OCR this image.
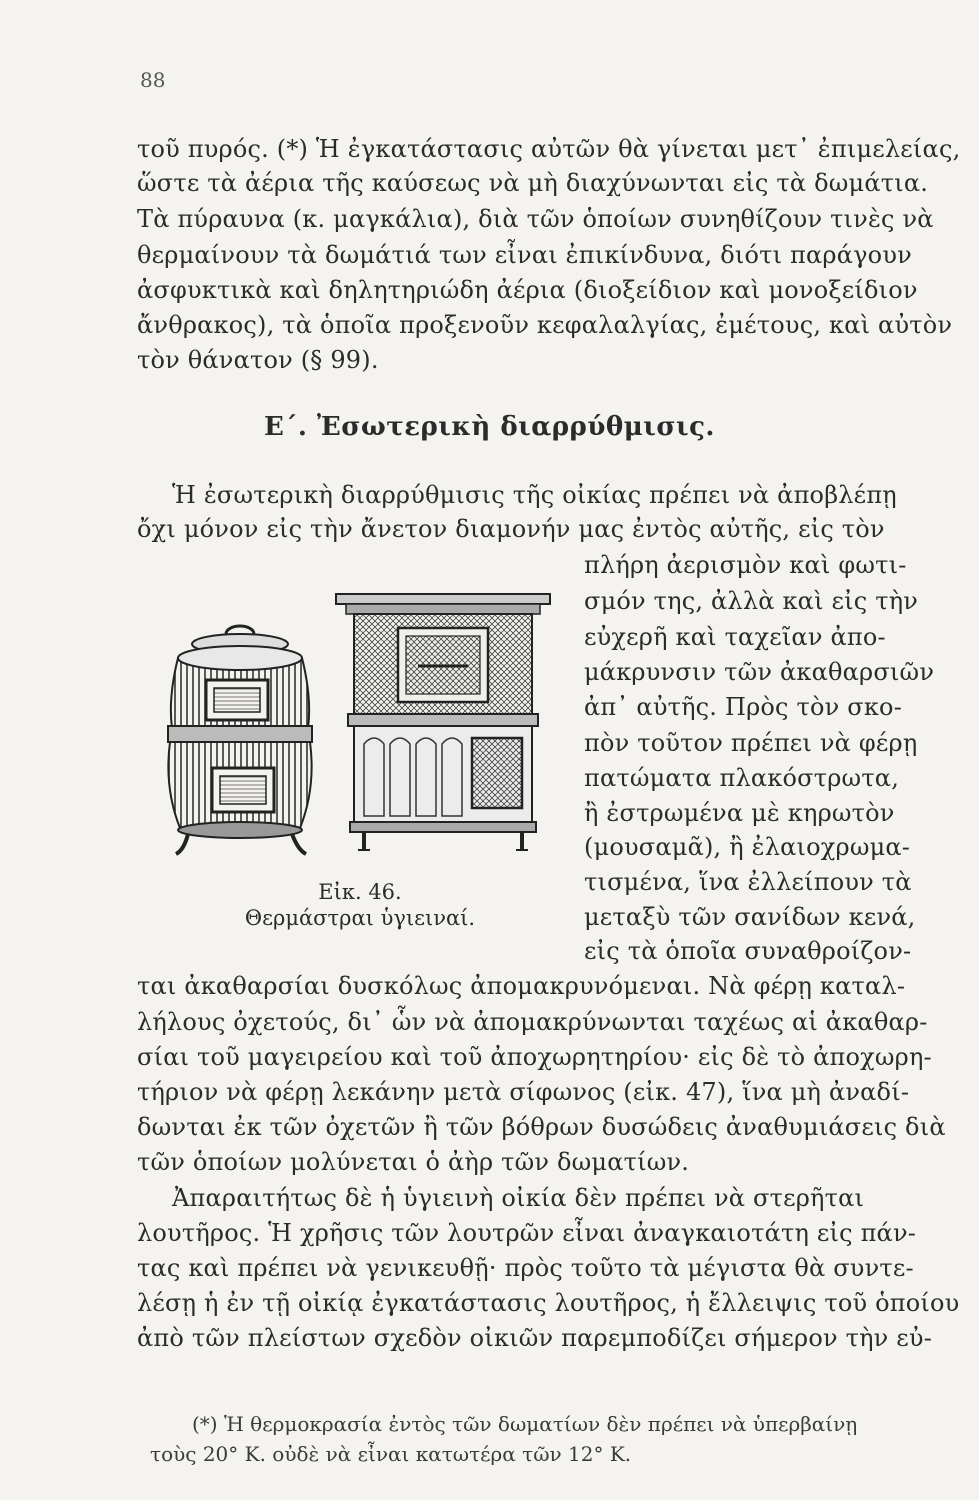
88
τοῦ πυρός. (*) Ἡ ἐγκατάστασις αὐτῶν θὰ γίνεται μετ᾽ ἐπιμελείας,
ὥστε τὰ ἀέρια τῆς καύσεως νὰ μὴ διαχύνωνται εἰς τὰ δωμάτια.
Τὰ πύραυνα (κ. μαγκάλια), διὰ τῶν ὁποίων συνηθίζουν τινὲς νὰ
θερμαίνουν τὰ δωμάτιά των εἶναι ἐπικίνδυνα, διότι παράγουν
ἀσφυκτικὰ καὶ δηλητηριώδη ἀέρια (διοξείδιον καὶ μονοξείδιον
ἄνθρακος), τὰ ὁποῖα προξενοῦν κεφαλαλγίας, ἐμέτους, καὶ αὐτὸν
τὸν θάνατον (§ 99).
Ε΄. Ἐσωτερικὴ διαρρύθμισις.
Ἡ ἐσωτερικὴ διαρρύθμισις τῆς οἰκίας πρέπει νὰ ἀποβλέπῃ
ὄχι μόνον εἰς τὴν ἄνετον διαμονήν μας ἐντὸς αὐτῆς, εἰς τὸν
πλήρη ἀερισμὸν καὶ φωτι-
σμόν της, ἀλλὰ καὶ εἰς τὴν
εὐχερῆ καὶ ταχεῖαν ἀπο-
μάκρυνσιν τῶν ἀκαθαρσιῶν
ἀπ᾽ αὐτῆς. Πρὸς τὸν σκο-
πὸν τοῦτον πρέπει νὰ φέρῃ
πατώματα πλακόστρωτα,
ἢ ἐστρωμένα μὲ κηρωτὸν
(μουσαμᾶ), ἢ ἐλαιοχρωμα-
τισμένα, ἵνα ἐλλείπουν τὰ
μεταξὺ τῶν σανίδων κενά,
εἰς τὰ ὁποῖα συναθροίζον-
Εἰκ. 46.
Θερμάστραι ὑγιειναί.
ται ἀκαθαρσίαι δυσκόλως ἀπομακρυνόμεναι. Νὰ φέρῃ καταλ-
λήλους ὀχετούς, δι᾽ ὧν νὰ ἀπομακρύνωνται ταχέως αἱ ἀκαθαρ-
σίαι τοῦ μαγειρείου καὶ τοῦ ἀποχωρητηρίου· εἰς δὲ τὸ ἀποχωρη-
τήριον νὰ φέρῃ λεκάνην μετὰ σίφωνος (εἰκ. 47), ἵνα μὴ ἀναδί-
δωνται ἐκ τῶν ὀχετῶν ἢ τῶν βόθρων δυσώδεις ἀναθυμιάσεις διὰ
τῶν ὁποίων μολύνεται ὁ ἀὴρ τῶν δωματίων.
Ἀπαραιτήτως δὲ ἡ ὑγιεινὴ οἰκία δὲν πρέπει νὰ στερῆται
λουτῆρος. Ἡ χρῆσις τῶν λουτρῶν εἶναι ἀναγκαιοτάτη εἰς πάν-
τας καὶ πρέπει νὰ γενικευθῇ· πρὸς τοῦτο τὰ μέγιστα θὰ συντε-
λέσῃ ἡ ἐν τῇ οἰκίᾳ ἐγκατάστασις λουτῆρος, ἡ ἔλλειψις τοῦ ὁποίου
ἀπὸ τῶν πλείστων σχεδὸν οἰκιῶν παρεμποδίζει σήμερον τὴν εὐ-
(*) Ἡ θερμοκρασία ἐντὸς τῶν δωματίων δὲν πρέπει νὰ ὑπερβαίνῃ
τοὺς 20° Κ. οὐδὲ νὰ εἶναι κατωτέρα τῶν 12° Κ.
